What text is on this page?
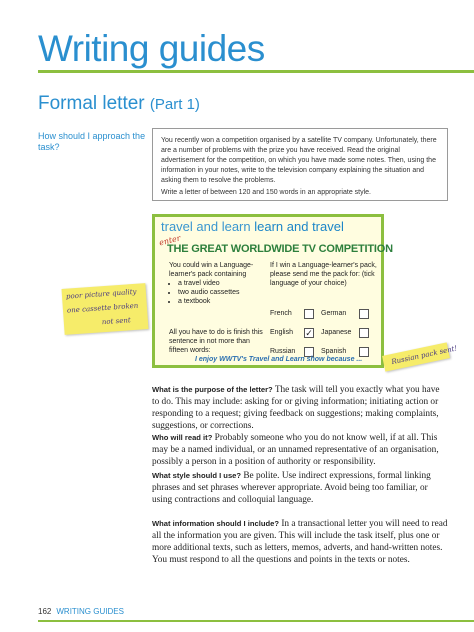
Writing guides
Formal letter (Part 1)
How should I approach the task?
You recently won a competition organised by a satellite TV company. Unfortunately, there are a number of problems with the prize you have received. Read the original advertisement for the competition, on which you have made some notes. Then, using the information in your notes, write to the television company explaining the situation and asking them to resolve the problems.
Write a letter of between 120 and 150 words in an appropriate style.
travel and learn learn and travel
enter
THE GREAT WORLDWIDE TV COMPETITION
You could win a Language-learner's pack containing
• a travel video
• two audio cassettes
• a textbook
All you have to do is finish this sentence in not more than fifteen words:
If I win a Language-learner's pack, please send me the pack for: (tick language of your choice)
French	German
English ✓ Japanese
Russian	Spanish
I enjoy WWTV's Travel and Learn show because ...
poor picture quality
one cassette broken
not sent
Russian pack sent!
What is the purpose of the letter? The task will tell you exactly what you have to do. This may include: asking for or giving information; initiating action or responding to a request; giving feedback on suggestions; making complaints, suggestions, or corrections.
Who will read it? Probably someone who you do not know well, if at all. This may be a named individual, or an unnamed representative of an organisation, possibly a person in a position of authority or responsibility.
What style should I use? Be polite. Use indirect expressions, formal linking phrases and set phrases wherever appropriate. Avoid being too familiar, or using contractions and colloquial language.
What information should I include? In a transactional letter you will need to read all the information you are given. This will include the task itself, plus one or more additional texts, such as letters, memos, adverts, and hand-written notes. You must respond to all the questions and points in the texts or notes.
162 WRITING GUIDES
